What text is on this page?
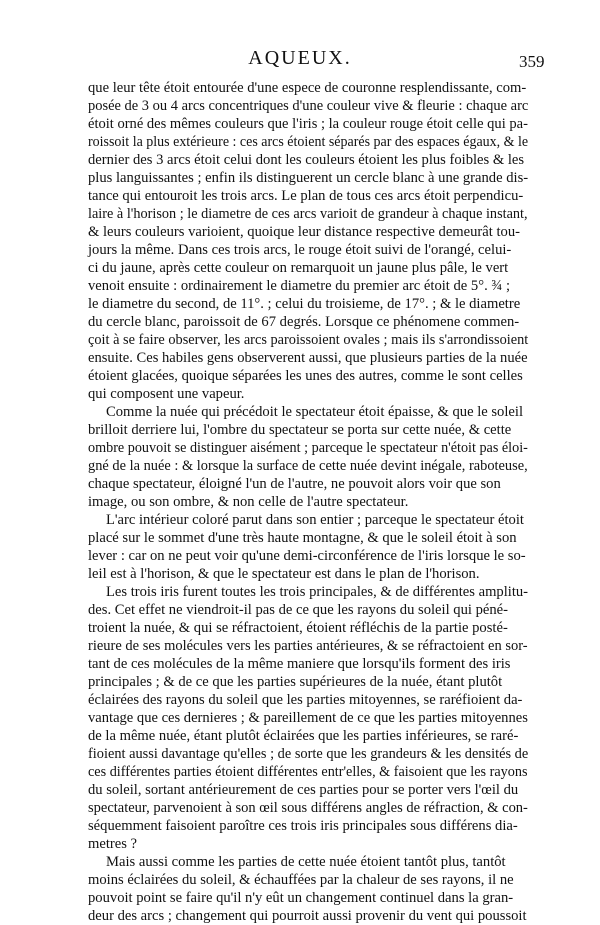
AQUEUX.	359
que leur tête étoit entourée d'une espece de couronne resplendissante, com-
posée de 3 ou 4 arcs concentriques d'une couleur vive & fleurie : chaque arc
étoit orné des mêmes couleurs que l'iris ; la couleur rouge étoit celle qui pa-
roissoit la plus extérieure : ces arcs étoient séparés par des espaces égaux, & le
dernier des 3 arcs étoit celui dont les couleurs étoient les plus foibles & les
plus languissantes ; enfin ils distinguerent un cercle blanc à une grande dis-
tance qui entouroit les trois arcs. Le plan de tous ces arcs étoit perpendicu-
laire à l'horison ; le diametre de ces arcs varioit de grandeur à chaque instant,
& leurs couleurs varioient, quoique leur distance respective demeurât tou-
jours la même. Dans ces trois arcs, le rouge étoit suivi de l'orangé, celui-
ci du jaune, après cette couleur on remarquoit un jaune plus pâle, le vert
venoit ensuite : ordinairement le diametre du premier arc étoit de 5°. ¾ ;
le diametre du second, de 11°. ; celui du troisieme, de 17°. ; & le diametre
du cercle blanc, paroissoit de 67 degrés. Lorsque ce phénomene commen-
çoit à se faire observer, les arcs paroissoient ovales ; mais ils s'arrondissoient
ensuite. Ces habiles gens observerent aussi, que plusieurs parties de la nuée
étoient glacées, quoique séparées les unes des autres, comme le sont celles
qui composent une vapeur.
Comme la nuée qui précédoit le spectateur étoit épaisse, & que le soleil
brilloit derriere lui, l'ombre du spectateur se porta sur cette nuée, & cette
ombre pouvoit se distinguer aisément ; parceque le spectateur n'étoit pas éloi-
gné de la nuée : & lorsque la surface de cette nuée devint inégale, raboteuse,
chaque spectateur, éloigné l'un de l'autre, ne pouvoit alors voir que son
image, ou son ombre, & non celle de l'autre spectateur.
L'arc intérieur coloré parut dans son entier ; parceque le spectateur étoit
placé sur le sommet d'une très haute montagne, & que le soleil étoit à son
lever : car on ne peut voir qu'une demi-circonférence de l'iris lorsque le so-
leil est à l'horison, & que le spectateur est dans le plan de l'horison.
Les trois iris furent toutes les trois principales, & de différentes amplitu-
des. Cet effet ne viendroit-il pas de ce que les rayons du soleil qui péné-
troient la nuée, & qui se réfractoient, étoient réfléchis de la partie posté-
rieure de ses molécules vers les parties antérieures, & se réfractoient en sor-
tant de ces molécules de la même maniere que lorsqu'ils forment des iris
principales ; & de ce que les parties supérieures de la nuée, étant plutôt
éclairées des rayons du soleil que les parties mitoyennes, se raréfioient da-
vantage que ces dernieres ; & pareillement de ce que les parties mitoyennes
de la même nuée, étant plutôt éclairées que les parties inférieures, se raré-
fioient aussi davantage qu'elles ; de sorte que les grandeurs & les densités de
ces différentes parties étoient différentes entr'elles, & faisoient que les rayons
du soleil, sortant antérieurement de ces parties pour se porter vers l'œil du
spectateur, parvenoient à son œil sous différens angles de réfraction, & con-
séquemment faisoient paroître ces trois iris principales sous différens dia-
metres ?
Mais aussi comme les parties de cette nuée étoient tantôt plus, tantôt
moins éclairées du soleil, & échauffées par la chaleur de ses rayons, il ne
pouvoit point se faire qu'il n'y eût un changement continuel dans la gran-
deur des arcs ; changement qui pourroit aussi provenir du vent qui poussoit
